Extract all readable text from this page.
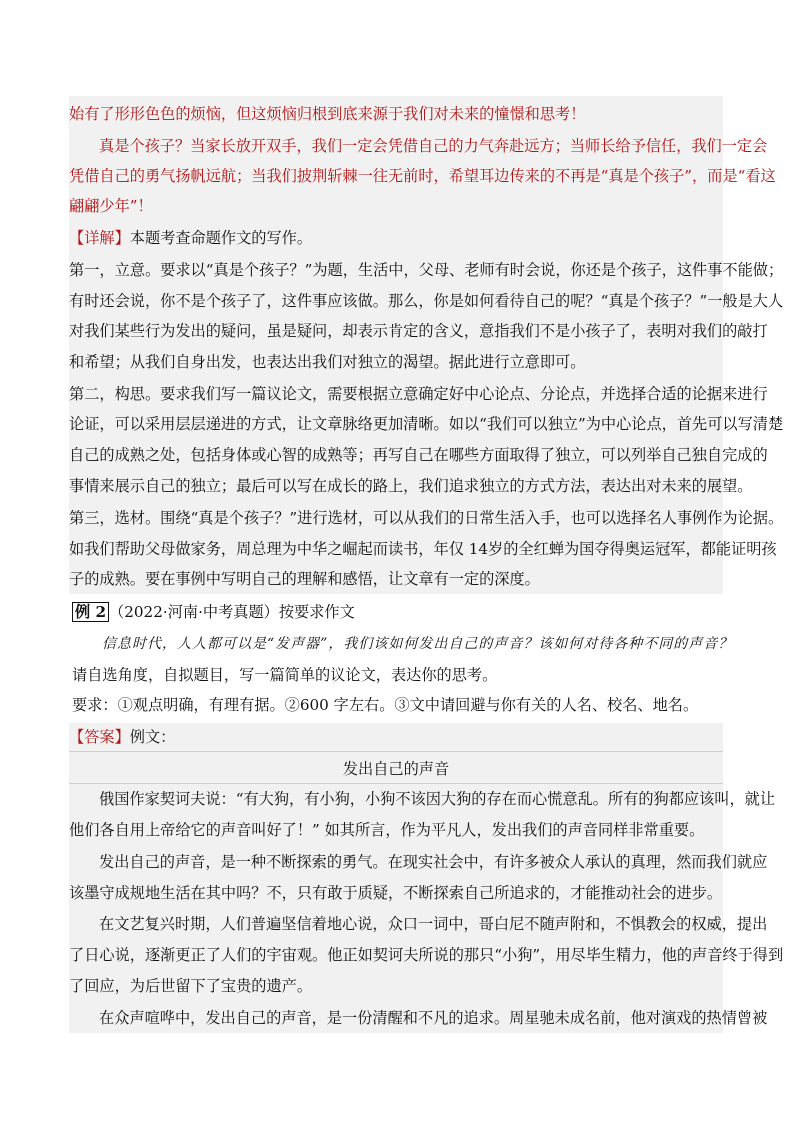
始有了形形色色的烦恼，但这烦恼归根到底来源于我们对未来的憧憬和思考！
真是个孩子？当家长放开双手，我们一定会凭借自己的力气奔赴远方；当师长给予信任，我们一定会
凭借自己的勇气扬帆远航；当我们披荆斩棘一往无前时，希望耳边传来的不再是“真是个孩子”，而是“看这
翩翩少年”！
【详解】本题考查命题作文的写作。
第一，立意。要求以“真是个孩子？”为题，生活中，父母、老师有时会说，你还是个孩子，这件事不能做；
有时还会说，你不是个孩子了，这件事应该做。那么，你是如何看待自己的呢？“真是个孩子？”一般是大人
对我们某些行为发出的疑问，虽是疑问，却表示肯定的含义，意指我们不是小孩子了，表明对我们的敲打
和希望；从我们自身出发，也表达出我们对独立的渴望。据此进行立意即可。
第二，构思。要求我们写一篇议论文，需要根据立意确定好中心论点、分论点，并选择合适的论据来进行
论证，可以采用层层递进的方式，让文章脉络更加清晰。如以“我们可以独立”为中心论点，首先可以写清楚
自己的成熟之处，包括身体或心智的成熟等；再写自己在哪些方面取得了独立，可以列举自己独自完成的
事情来展示自己的独立；最后可以写在成长的路上，我们追求独立的方式方法，表达出对未来的展望。
第三，选材。围绕“真是个孩子？”进行选材，可以从我们的日常生活入手，也可以选择名人事例作为论据。
如我们帮助父母做家务，周总理为中华之崛起而读书，年仅 14岁的全红蝉为国夺得奥运冠军，都能证明孩
子的成熟。要在事例中写明自己的理解和感悟，让文章有一定的深度。
例 2 （2022·河南·中考真题）按要求作文
信息时代，人人都可以是“发声器”，我们该如何发出自己的声音？该如何对待各种不同的声音？
请自选角度，自拟题目，写一篇简单的议论文，表达你的思考。
要求：①观点明确，有理有据。②600 字左右。③文中请回避与你有关的人名、校名、地名。
【答案】例文：
发出自己的声音
俄国作家契诃夫说：“有大狗，有小狗，小狗不该因大狗的存在而心慌意乱。所有的狗都应该叫，就让
他们各自用上帝给它的声音叫好了！” 如其所言，作为平凡人，发出我们的声音同样非常重要。
发出自己的声音，是一种不断探索的勇气。在现实社会中，有许多被众人承认的真理，然而我们就应
该墨守成规地生活在其中吗？不，只有敢于质疑，不断探索自己所追求的，才能推动社会的进步。
在文艺复兴时期，人们普遍坚信着地心说，众口一词中，哥白尼不随声附和，不惧教会的权威，提出
了日心说，逐渐更正了人们的宇宙观。他正如契诃夫所说的那只“小狗”，用尽毕生精力，他的声音终于得到
了回应，为后世留下了宝贵的遗产。
在众声喧哗中，发出自己的声音，是一份清醒和不凡的追求。周星驰未成名前，他对演戏的热情曾被
